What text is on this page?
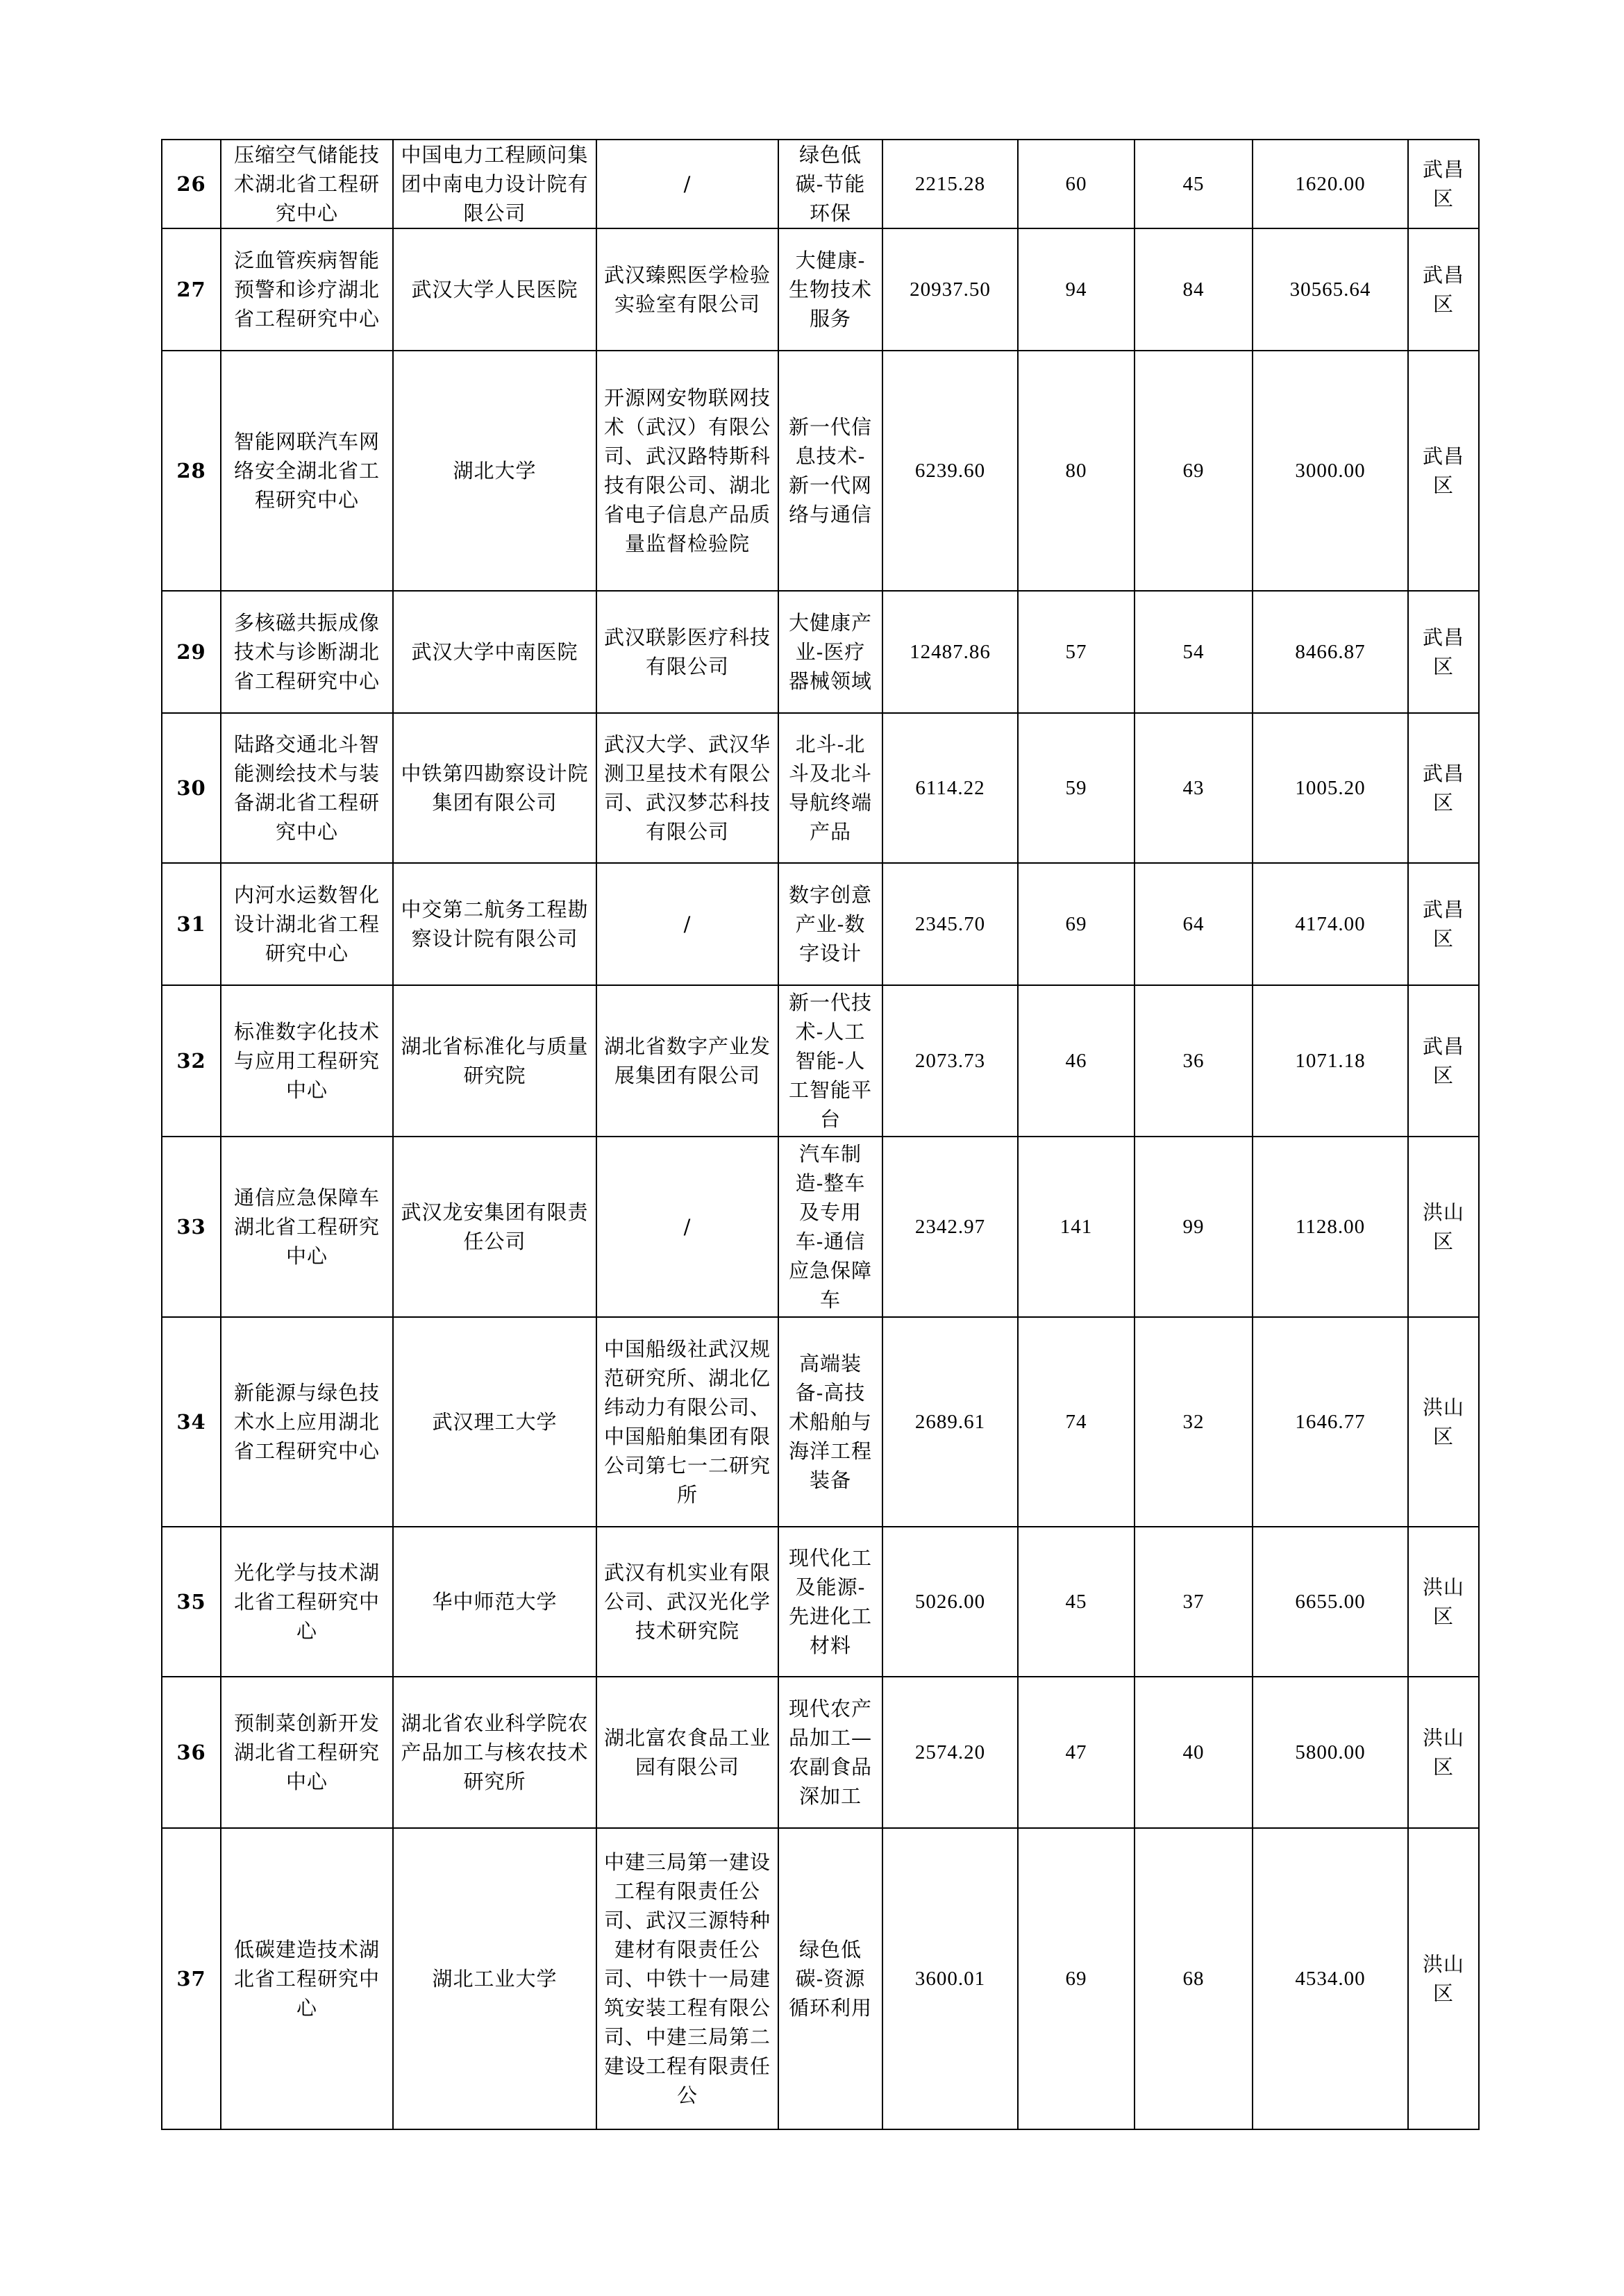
26	压缩空气储能技术湖北省工程研究中心	中国电力工程顾问集团中南电力设计院有限公司	/	绿色低碳-节能环保	2215.28	60	45	1620.00	武昌区

27	泛血管疾病智能预警和诊疗湖北省工程研究中心	武汉大学人民医院	武汉臻熙医学检验实验室有限公司	大健康-生物技术服务	20937.50	94	84	30565.64	武昌区

28	智能网联汽车网络安全湖北省工程研究中心	湖北大学	开源网安物联网技术（武汉）有限公司、武汉路特斯科技有限公司、湖北省电子信息产品质量监督检验院	新一代信息技术-新一代网络与通信	6239.60	80	69	3000.00	武昌区

29	多核磁共振成像技术与诊断湖北省工程研究中心	武汉大学中南医院	武汉联影医疗科技有限公司	大健康产业-医疗器械领域	12487.86	57	54	8466.87	武昌区

30	陆路交通北斗智能测绘技术与装备湖北省工程研究中心	中铁第四勘察设计院集团有限公司	武汉大学、武汉华测卫星技术有限公司、武汉梦芯科技有限公司	北斗-北斗及北斗导航终端产品	6114.22	59	43	1005.20	武昌区

31	内河水运数智化设计湖北省工程研究中心	中交第二航务工程勘察设计院有限公司	/	数字创意产业-数字设计	2345.70	69	64	4174.00	武昌区

32	标准数字化技术与应用工程研究中心	湖北省标准化与质量研究院	湖北省数字产业发展集团有限公司	新一代技术-人工智能-人工智能平台	2073.73	46	36	1071.18	武昌区

33	通信应急保障车湖北省工程研究中心	武汉龙安集团有限责任公司	/	汽车制造-整车及专用车-通信应急保障车	2342.97	141	99	1128.00	洪山区

34	新能源与绿色技术水上应用湖北省工程研究中心	武汉理工大学	中国船级社武汉规范研究所、湖北亿纬动力有限公司、中国船舶集团有限公司第七一二研究所	高端装备-高技术船舶与海洋工程装备	2689.61	74	32	1646.77	洪山区

35	光化学与技术湖北省工程研究中心	华中师范大学	武汉有机实业有限公司、武汉光化学技术研究院	现代化工及能源-先进化工材料	5026.00	45	37	6655.00	洪山区

36	预制菜创新开发湖北省工程研究中心	湖北省农业科学院农产品加工与核农技术研究所	湖北富农食品工业园有限公司	现代农产品加工—农副食品深加工	2574.20	47	40	5800.00	洪山区

37	低碳建造技术湖北省工程研究中心	湖北工业大学	中建三局第一建设工程有限责任公司、武汉三源特种建材有限责任公司、中铁十一局建筑安装工程有限公司、中建三局第二建设工程有限责任公	绿色低碳-资源循环利用	3600.01	69	68	4534.00	洪山区
